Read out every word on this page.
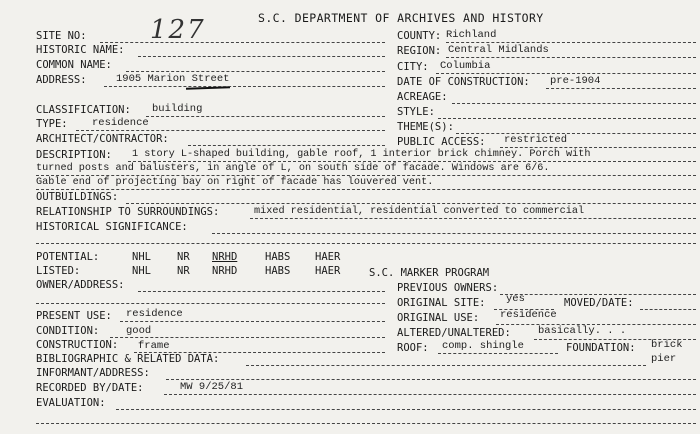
S.C. DEPARTMENT OF ARCHIVES AND HISTORY
SITE NO: 127	COUNTY: Richland
HISTORIC NAME:	REGION: Central Midlands
COMMON NAME:	CITY: Columbia
ADDRESS:	1905 Marion Street	DATE OF CONSTRUCTION: pre-1904
ACREAGE:
CLASSIFICATION: building	STYLE:
TYPE: residence	THEME(S):
ARCHITECT/CONTRACTOR:	PUBLIC ACCESS: restricted
DESCRIPTION: 1 story L-shaped building, gable roof, 1 interior brick chimney. Porch with
turned posts and balusters, in angle of L, on south side of facade. Windows are 6/6.
Gable end of projecting bay on right of facade has louvered vent.
OUTBUILDINGS:
RELATIONSHIP TO SURROUNDINGS:	mixed residential, residential converted to commercial
HISTORICAL SIGNIFICANCE:
POTENTIAL:	NHL NR NRHD	HABS HAER
LISTED:	NHL NR NRHD	HABS HAER	S.C. MARKER PROGRAM
OWNER/ADDRESS:	PREVIOUS OWNERS:
ORIGINAL SITE: yes	MOVED/DATE:
PRESENT USE: residence	ORIGINAL USE: residence
CONDITION:	good	ALTERED/UNALTERED:	basically. . .
CONSTRUCTION: frame	ROOF: comp. shingle	FOUNDATION: brick
pier
BIBLIOGRAPHIC & RELATED DATA:
INFORMANT/ADDRESS:
RECORDED BY/DATE:	MW 9/25/81
EVALUATION:
